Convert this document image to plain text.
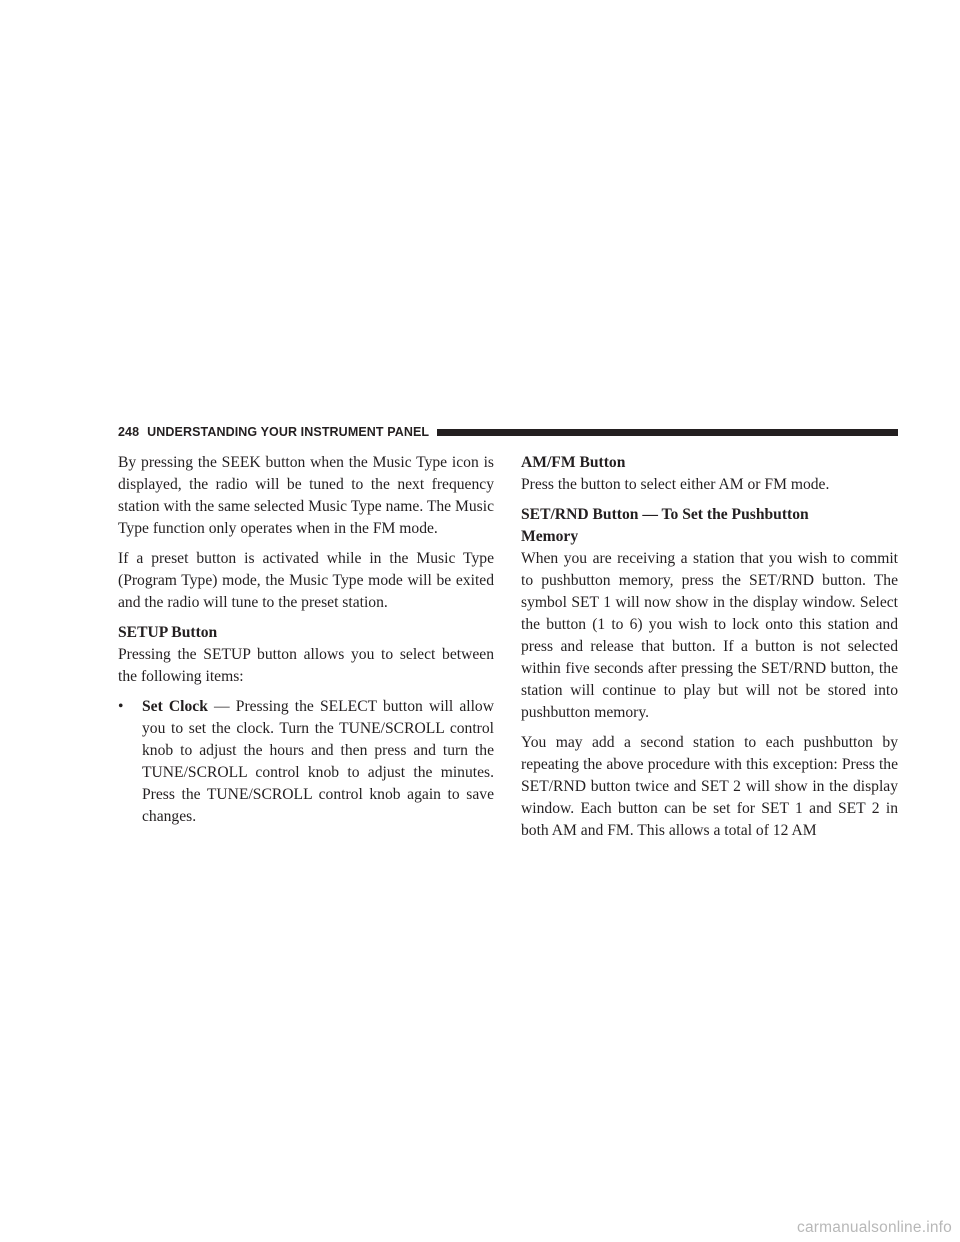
248 UNDERSTANDING YOUR INSTRUMENT PANEL

By pressing the SEEK button when the Music Type icon is displayed, the radio will be tuned to the next frequency station with the same selected Music Type name. The Music Type function only operates when in the FM mode.

If a preset button is activated while in the Music Type (Program Type) mode, the Music Type mode will be exited and the radio will tune to the preset station.

SETUP Button

Pressing the SETUP button allows you to select between the following items:

•	Set Clock — Pressing the SELECT button will allow you to set the clock. Turn the TUNE/SCROLL control knob to adjust the hours and then press and turn the TUNE/SCROLL control knob to adjust the minutes. Press the TUNE/SCROLL control knob again to save changes.
AM/FM Button

Press the button to select either AM or FM mode.

SET/RND Button — To Set the Pushbutton Memory

When you are receiving a station that you wish to commit to pushbutton memory, press the SET/RND button. The symbol SET 1 will now show in the display window. Select the button (1 to 6) you wish to lock onto this station and press and release that button. If a button is not selected within five seconds after pressing the SET/RND button, the station will continue to play but will not be stored into pushbutton memory.

You may add a second station to each pushbutton by repeating the above procedure with this exception: Press the SET/RND button twice and SET 2 will show in the display window. Each button can be set for SET 1 and SET 2 in both AM and FM. This allows a total of 12 AM

carmanualsonline.info
